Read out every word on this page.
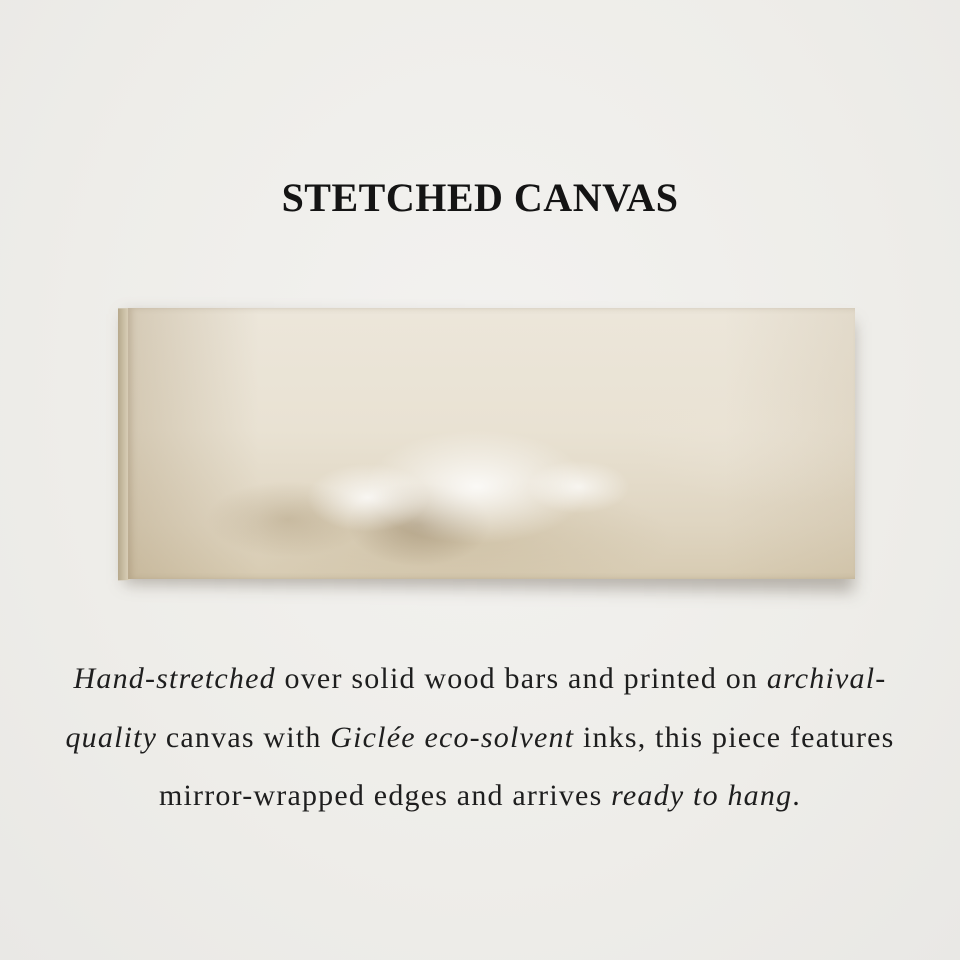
STETCHED CANVAS

Hand-stretched over solid wood bars and printed on archival-quality canvas with Giclée eco-solvent inks, this piece features mirror-wrapped edges and arrives ready to hang.
